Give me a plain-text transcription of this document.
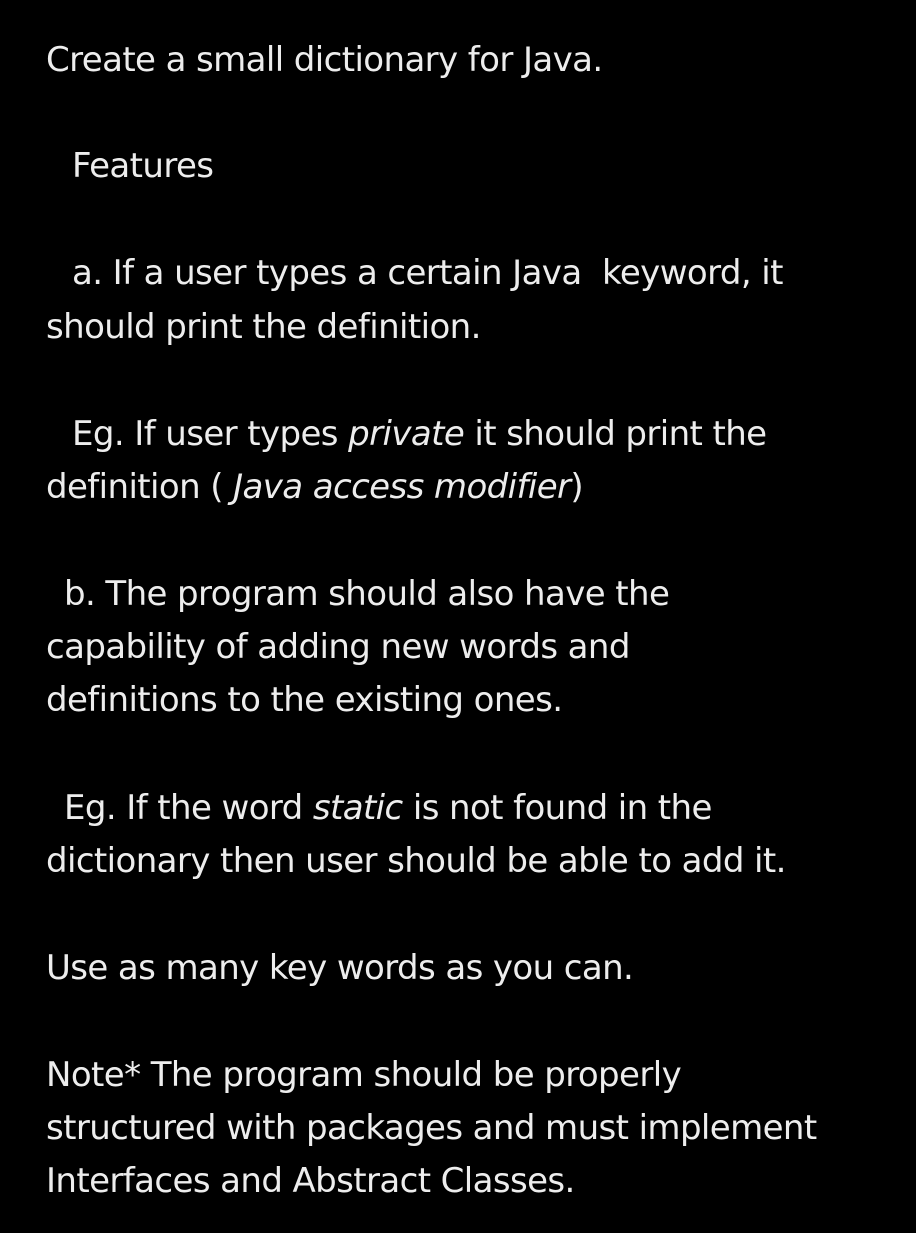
Create a small dictionary for Java.
Features
a. If a user types a certain Java  keyword, it
should print the definition.
Eg. If user types private it should print the
definition ( Java access modifier)
b. The program should also have the
capability of adding new words and
definitions to the existing ones.
Eg. If the word static is not found in the
dictionary then user should be able to add it.
Use as many key words as you can.
Note* The program should be properly
structured with packages and must implement
Interfaces and Abstract Classes.
